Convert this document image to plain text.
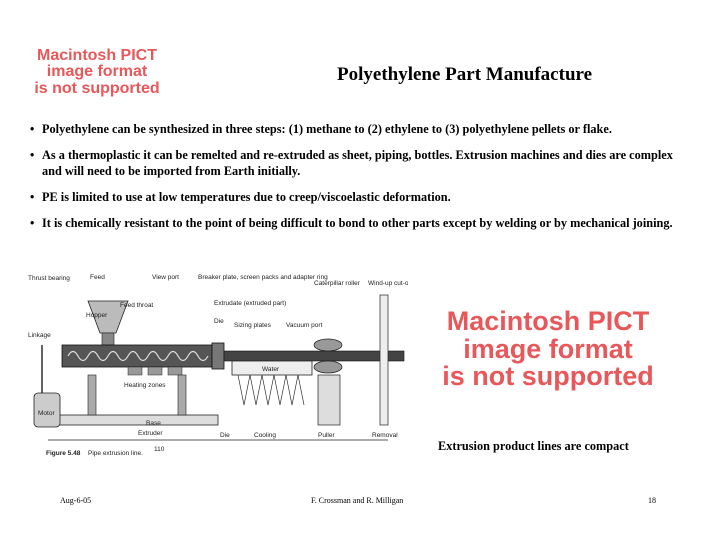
Macintosh PICT
image format
is not supported
Polyethylene Part Manufacture
• Polyethylene can be synthesized in three steps: (1) methane to (2) ethylene to (3) polyethylene pellets or flake.
• As a thermoplastic it can be remelted and re-extruded as sheet, piping, bottles. Extrusion machines and dies are complex and will need to be imported from Earth initially.
• PE is limited to use at low temperatures due to creep/viscoelastic deformation.
• It is chemically resistant to the point of being difficult to bond to other parts except by welding or by mechanical joining.
Thrust bearing	Feed	View port	Breaker plate, screen packs and adapter ring
Caterpillar roller Wind-up cut-off
Feed throat	Extrudate (extruded part)
Hopper
Die
Sizing plates Vacuum port
Linkage
Water
Heating zones
Base
Motor
Extruder	Die	Cooling	Puller	Removal
Figure 5.48 Pipe extrusion line.
110
Macintosh PICT
image format
is not supported
Extrusion product lines are compact
Aug-6-05	F. Crossman and R. Milligan	18
